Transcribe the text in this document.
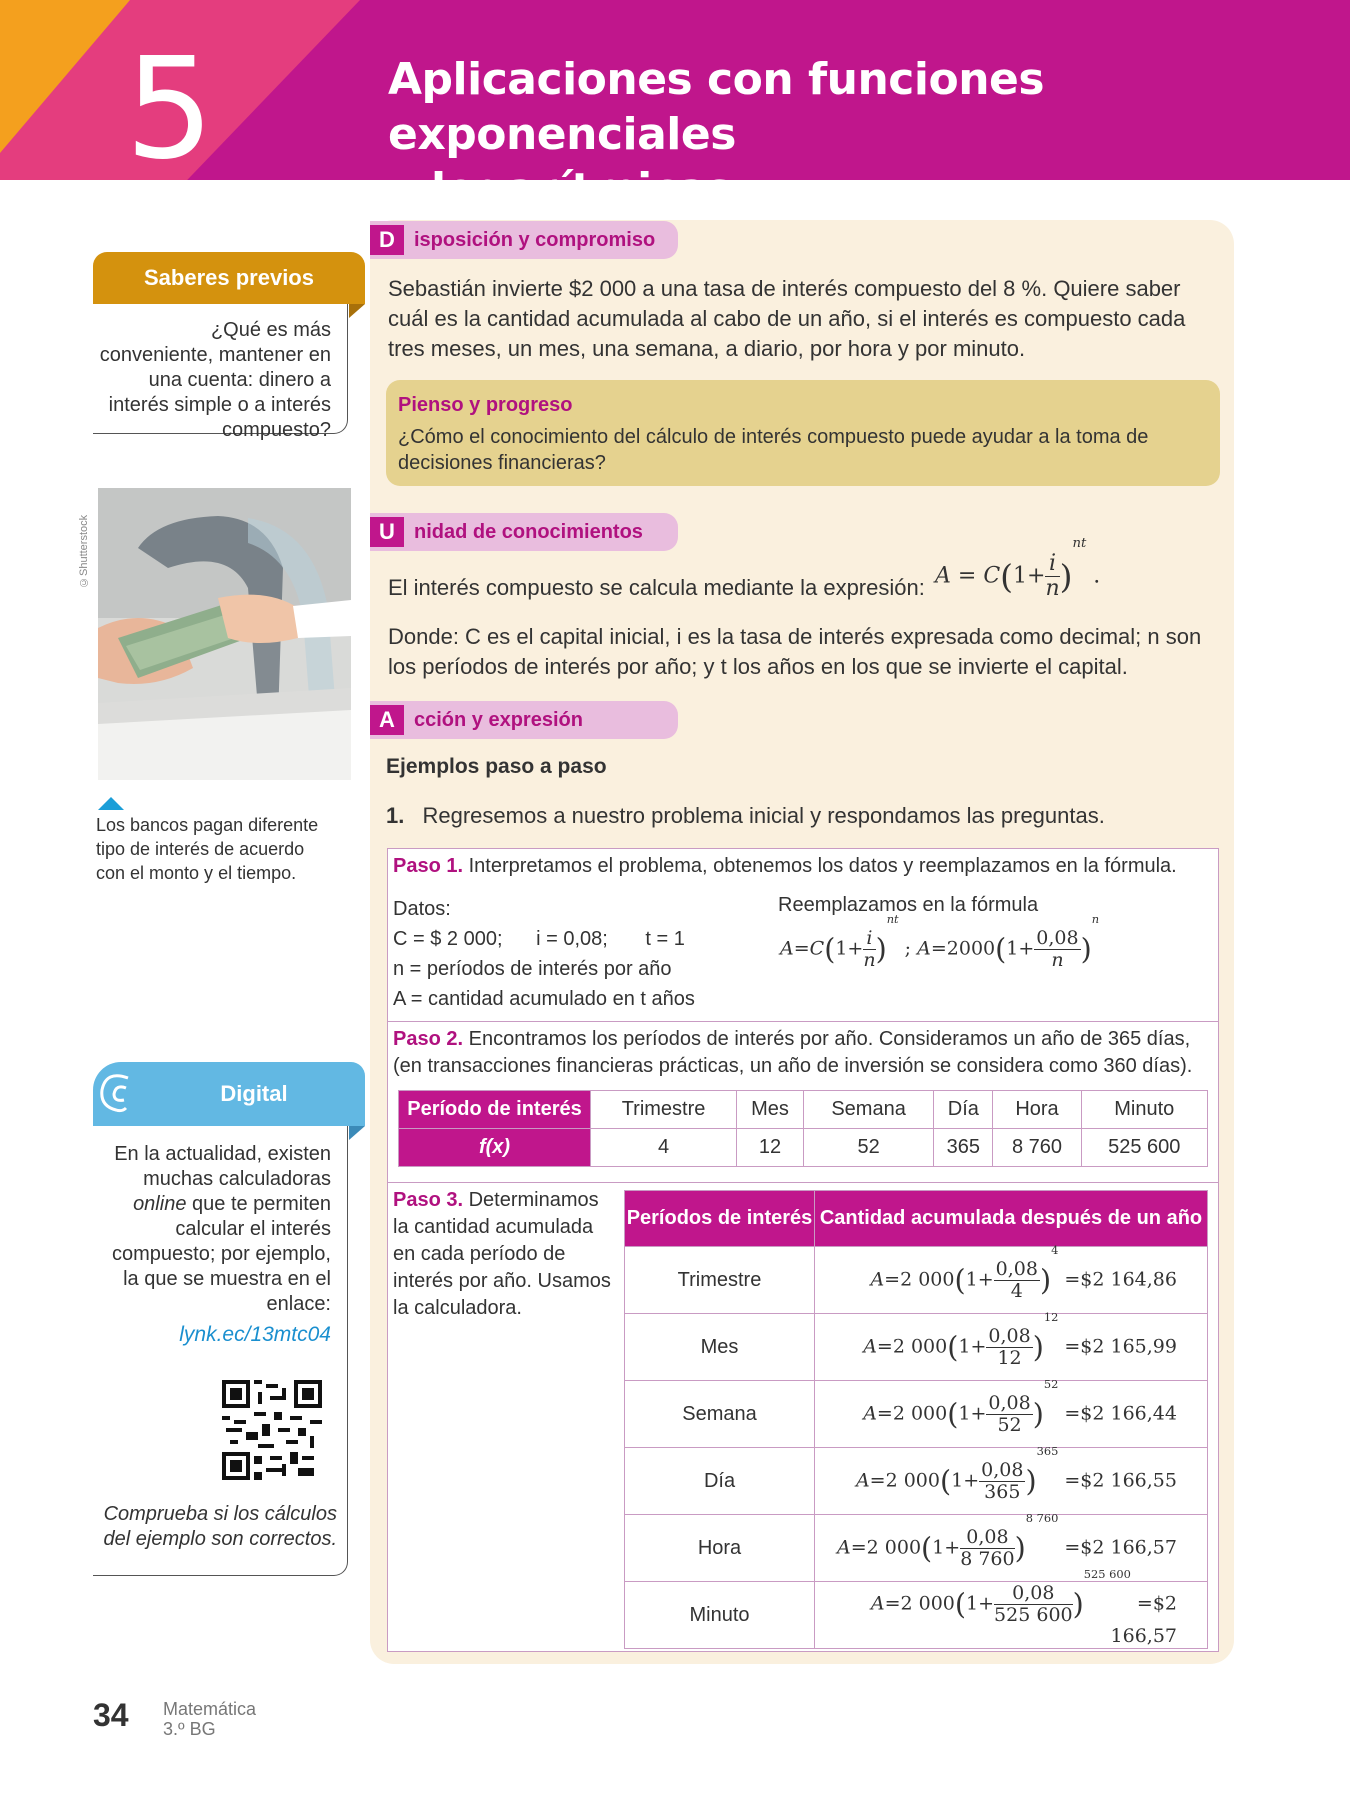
5	Aplicaciones con funciones exponenciales
y logarítmicas
Saberes previos
¿Qué es más conveniente, mantener en una cuenta: dinero a interés simple o a interés compuesto?
©Shutterstock
Los bancos pagan diferente tipo de interés de acuerdo con el monto y el tiempo.
Digital
En la actualidad, existen muchas calculadoras online que te permiten calcular el interés compuesto; por ejemplo, la que se muestra en el enlace:
lynk.ec/13mtc04
Comprueba si los cálculos del ejemplo son correctos.
34 Matemática
3.º BG
D isposición y compromiso
Sebastián invierte $2 000 a una tasa de interés compuesto del 8 %. Quiere saber cuál es la cantidad acumulada al cabo de un año, si el interés es compuesto cada tres meses, un mes, una semana, a diario, por hora y por minuto.
Pienso y progreso
¿Cómo el conocimiento del cálculo de interés compuesto puede ayudar a la toma de decisiones financieras?
U nidad de conocimientos
El interés compuesto se calcula mediante la expresión: $A = C(1+ \frac{i}{n} )^{nt}$ .
Donde: C es el capital inicial, i es la tasa de interés expresada como decimal; n son los períodos de interés por año; y t los años en los que se invierte el capital.
A cción y expresión
Ejemplos paso a paso
1. Regresemos a nuestro problema inicial y respondamos las preguntas.
Paso 1. Interpretamos el problema, obtenemos los datos y reemplazamos en la fórmula.
Datos:
C = $ 2 000; i = 0,08; t = 1
n = períodos de interés por año
A = cantidad acumulado en t años
Reemplazamos en la fórmula
$A=C(1+ \frac{i}{n} )^{nt}$ ; $A=2000(1+ \frac{0,08}{n} )^n$
Paso 2. Encontramos los períodos de interés por año. Consideramos un año de 365 días, (en transacciones financieras prácticas, un año de inversión se considera como 360 días).
Período de interés	Trimestre	Mes	Semana	Día	Hora	Minuto
f(x)	4	12	52	365	8 760	525 600
Paso 3. Determinamos la cantidad acumulada en cada período de interés por año. Usamos la calculadora.
Períodos de interés	Cantidad acumulada después de un año
Trimestre	A=2 $000(1+ \frac{0,08}{4} )^4$ =$2 164,86
Mes	A=2 $000(1+ \frac{0,08}{12} )^{12}$ =$2 165,99
Semana	A=2 $000(1+ \frac{0,08}{52} )^{52}$ =$2 166,44
Día	A=2 $000(1+ \frac{0,08}{365} )^{365}$ =$2 166,55
Hora	A=2 $000(1+ \frac{0,08}{8 760} )^{8 760}$ =$2 166,57
Minuto	A=2 $000(1+ \frac{0,08}{525 600} )^{525 600}$ =$2 166,57
